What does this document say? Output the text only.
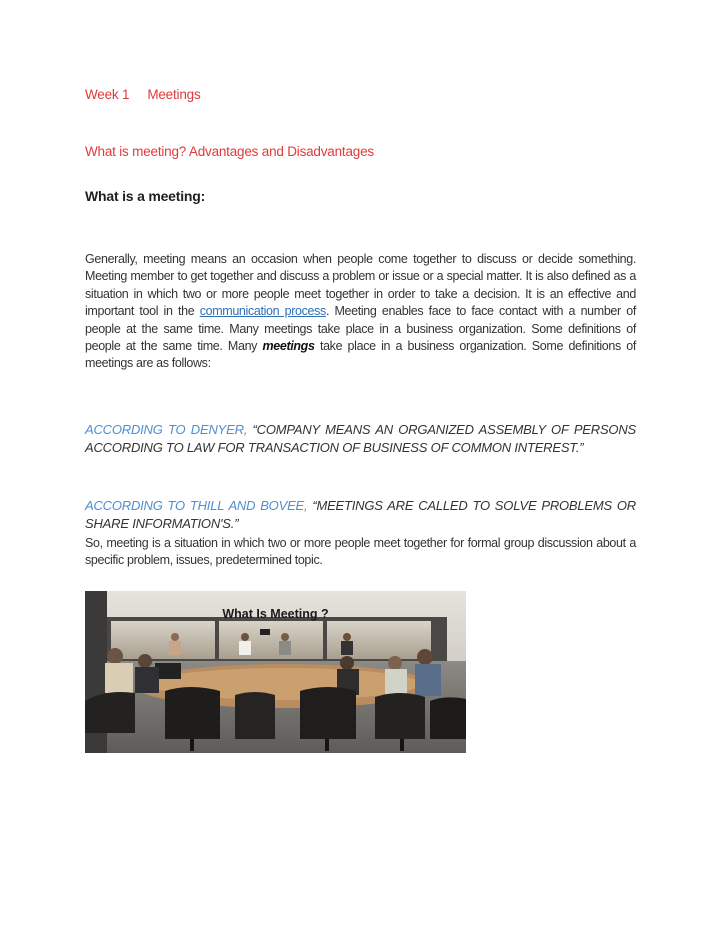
Week 1 Meetings
What is meeting? Advantages and Disadvantages
What is a meeting:
Generally, meeting means an occasion when people come together to discuss or decide something. Meeting member to get together and discuss a problem or issue or a special matter. It is also defined as a situation in which two or more people meet together in order to take a decision. It is an effective and important tool in the communication process. Meeting enables face to face contact with a number of people at the same time. Many meetings take place in a business organization. Some definitions of people at the same time. Many meetings take place in a business organization. Some definitions of meetings are as follows:
ACCORDING TO DENYER, “COMPANY MEANS AN ORGANIZED ASSEMBLY OF PERSONS ACCORDING TO LAW FOR TRANSACTION OF BUSINESS OF COMMON INTEREST.”
ACCORDING TO THILL AND BOVEE, “MEETINGS ARE CALLED TO SOLVE PROBLEMS OR SHARE INFORMATION'S.”
So, meeting is a situation in which two or more people meet together for formal group discussion about a specific problem, issues, predetermined topic.
What Is Meeting ?
